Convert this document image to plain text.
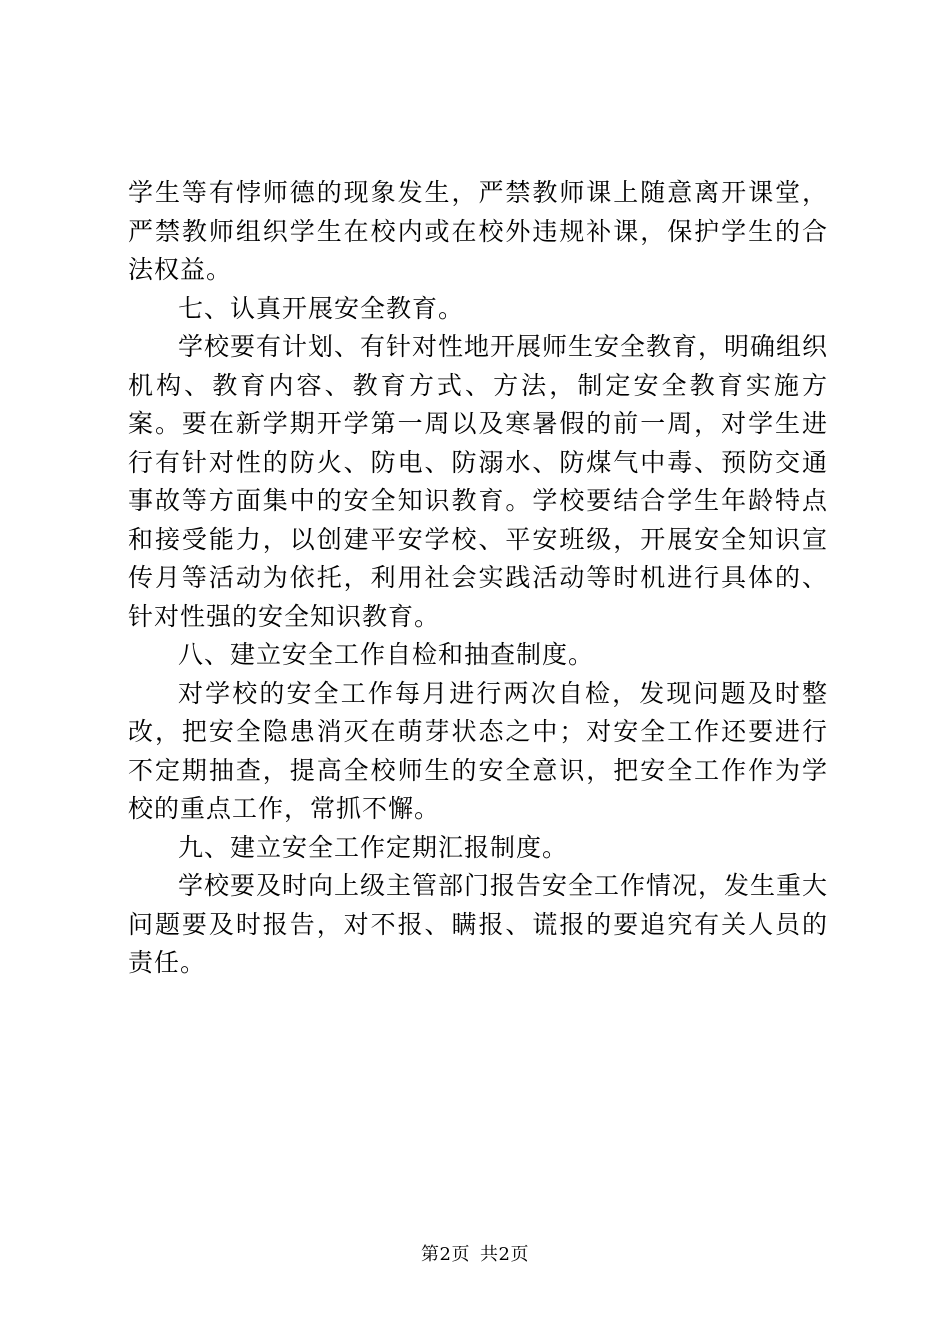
学生等有悖师德的现象发生，严禁教师课上随意离开课堂，严禁教师组织学生在校内或在校外违规补课，保护学生的合法权益。

七、认真开展安全教育。

学校要有计划、有针对性地开展师生安全教育，明确组织机构、教育内容、教育方式、方法，制定安全教育实施方案。要在新学期开学第一周以及寒暑假的前一周，对学生进行有针对性的防火、防电、防溺水、防煤气中毒、预防交通事故等方面集中的安全知识教育。学校要结合学生年龄特点和接受能力，以创建平安学校、平安班级，开展安全知识宣传月等活动为依托，利用社会实践活动等时机进行具体的、针对性强的安全知识教育。

八、建立安全工作自检和抽查制度。

对学校的安全工作每月进行两次自检，发现问题及时整改，把安全隐患消灭在萌芽状态之中；对安全工作还要进行不定期抽查，提高全校师生的安全意识，把安全工作作为学校的重点工作，常抓不懈。

九、建立安全工作定期汇报制度。

学校要及时向上级主管部门报告安全工作情况，发生重大问题要及时报告，对不报、瞒报、谎报的要追究有关人员的责任。

第2页 共2页
